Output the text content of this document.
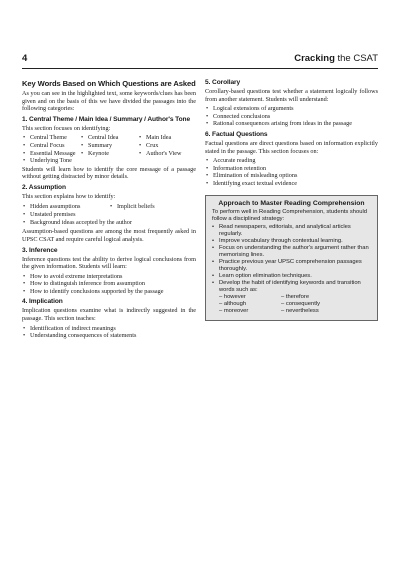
4	Cracking the CSAT
Key Words Based on Which Questions are Asked

As you can see in the highlighted text, some keywords/clues has been given and on the basis of this we have divided the passages into the following categories:

1. Central Theme / Main Idea / Summary / Author's Tone

This section focuses on identifying:

• Central Theme	• Central Idea	• Main Idea
• Central Focus	• Summary	• Crux
• Essential Message	• Keynote	• Author's View
• Underlying Tone

Students will learn how to identify the core message of a passage without getting distracted by minor details.

2. Assumption

This section explains how to identify:

• Hidden assumptions	• Implicit beliefs
• Unstated premises
• Background ideas accepted by the author

Assumption-based questions are among the most frequently asked in UPSC CSAT and require careful logical analysis.

3. Inference

Inference questions test the ability to derive logical conclusions from the given information. Students will learn:

• How to avoid extreme interpretations
• How to distinguish inference from assumption
• How to identify conclusions supported by the passage
4. Implication

Implication questions examine what is indirectly suggested in the passage. This section teaches:

• Identification of indirect meanings
• Understanding consequences of statements
5. Corollary

Corollary-based questions test whether a statement logically follows from another statement. Students will understand:

• Logical extensions of arguments
• Connected conclusions
• Rational consequences arising from ideas in the passage
6. Factual Questions

Factual questions are direct questions based on information explicitly stated in the passage. This section focuses on:

• Accurate reading
• Information retention
• Elimination of misleading options
• Identifying exact textual evidence
Approach to Master Reading Comprehension

To perform well in Reading Comprehension, students should follow a disciplined strategy:

• Read newspapers, editorials, and analytical articles regularly.
• Improve vocabulary through contextual learning.
• Focus on understanding the author's argument rather than memorising lines.
• Practice previous year UPSC comprehension passages thoroughly.
• Learn option elimination techniques.
• Develop the habit of identifying keywords and transition words such as:
– however	– therefore
– although	– consequently
– moreover	– nevertheless
